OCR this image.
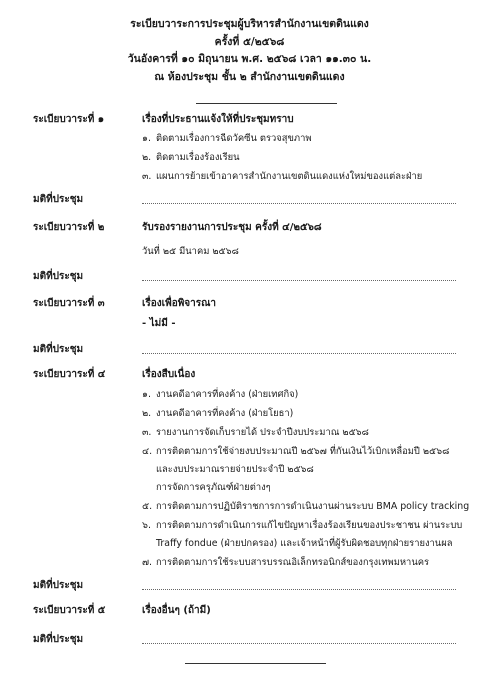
ระเบียบวาระการประชุมผู้บริหารสำนักงานเขตดินแดง
ครั้งที่ ๕/๒๕๖๘
วันอังคารที่ ๑๐ มิถุนายน พ.ศ. ๒๕๖๘ เวลา ๑๑.๓๐ น.
ณ ห้องประชุม ชั้น ๒ สำนักงานเขตดินแดง
ระเบียบวาระที่ ๑	เรื่องที่ประธานแจ้งให้ที่ประชุมทราบ
๑. ติดตามเรื่องการฉีดวัคซีน ตรวจสุขภาพ
๒. ติดตามเรื่องร้องเรียน
๓. แผนการย้ายเข้าอาคารสำนักงานเขตดินแดงแห่งใหม่ของแต่ละฝ่าย
มติที่ประชุม
ระเบียบวาระที่ ๒	รับรองรายงานการประชุม ครั้งที่ ๔/๒๕๖๘
วันที่ ๒๕ มีนาคม ๒๕๖๘
มติที่ประชุม
ระเบียบวาระที่ ๓	เรื่องเพื่อพิจารณา
- ไม่มี -
มติที่ประชุม
ระเบียบวาระที่ ๔	เรื่องสืบเนื่อง
๑. งานคดีอาคารที่คงค้าง (ฝ่ายเทศกิจ)
๒. งานคดีอาคารที่คงค้าง (ฝ่ายโยธา)
๓. รายงานการจัดเก็บรายได้ ประจำปีงบประมาณ ๒๕๖๘
๔. การติดตามการใช้จ่ายงบประมาณปี ๒๕๖๗ ที่กันเงินไว้เบิกเหลื่อมปี ๒๕๖๘
และงบประมาณรายจ่ายประจำปี ๒๕๖๘
การจัดการครุภัณฑ์ฝ่ายต่างๆ
๕. การติดตามการปฏิบัติราชการการดำเนินงานผ่านระบบ BMA policy tracking
๖. การติดตามการดำเนินการแก้ไขปัญหาเรื่องร้องเรียนของประชาชน ผ่านระบบ
Traffy fondue (ฝ่ายปกครอง) และเจ้าหน้าที่ผู้รับผิดชอบทุกฝ่ายรายงานผล
๗. การติดตามการใช้ระบบสารบรรณอิเล็กทรอนิกส์ของกรุงเทพมหานคร
มติที่ประชุม
ระเบียบวาระที่ ๕	เรื่องอื่นๆ (ถ้ามี)
มติที่ประชุม
